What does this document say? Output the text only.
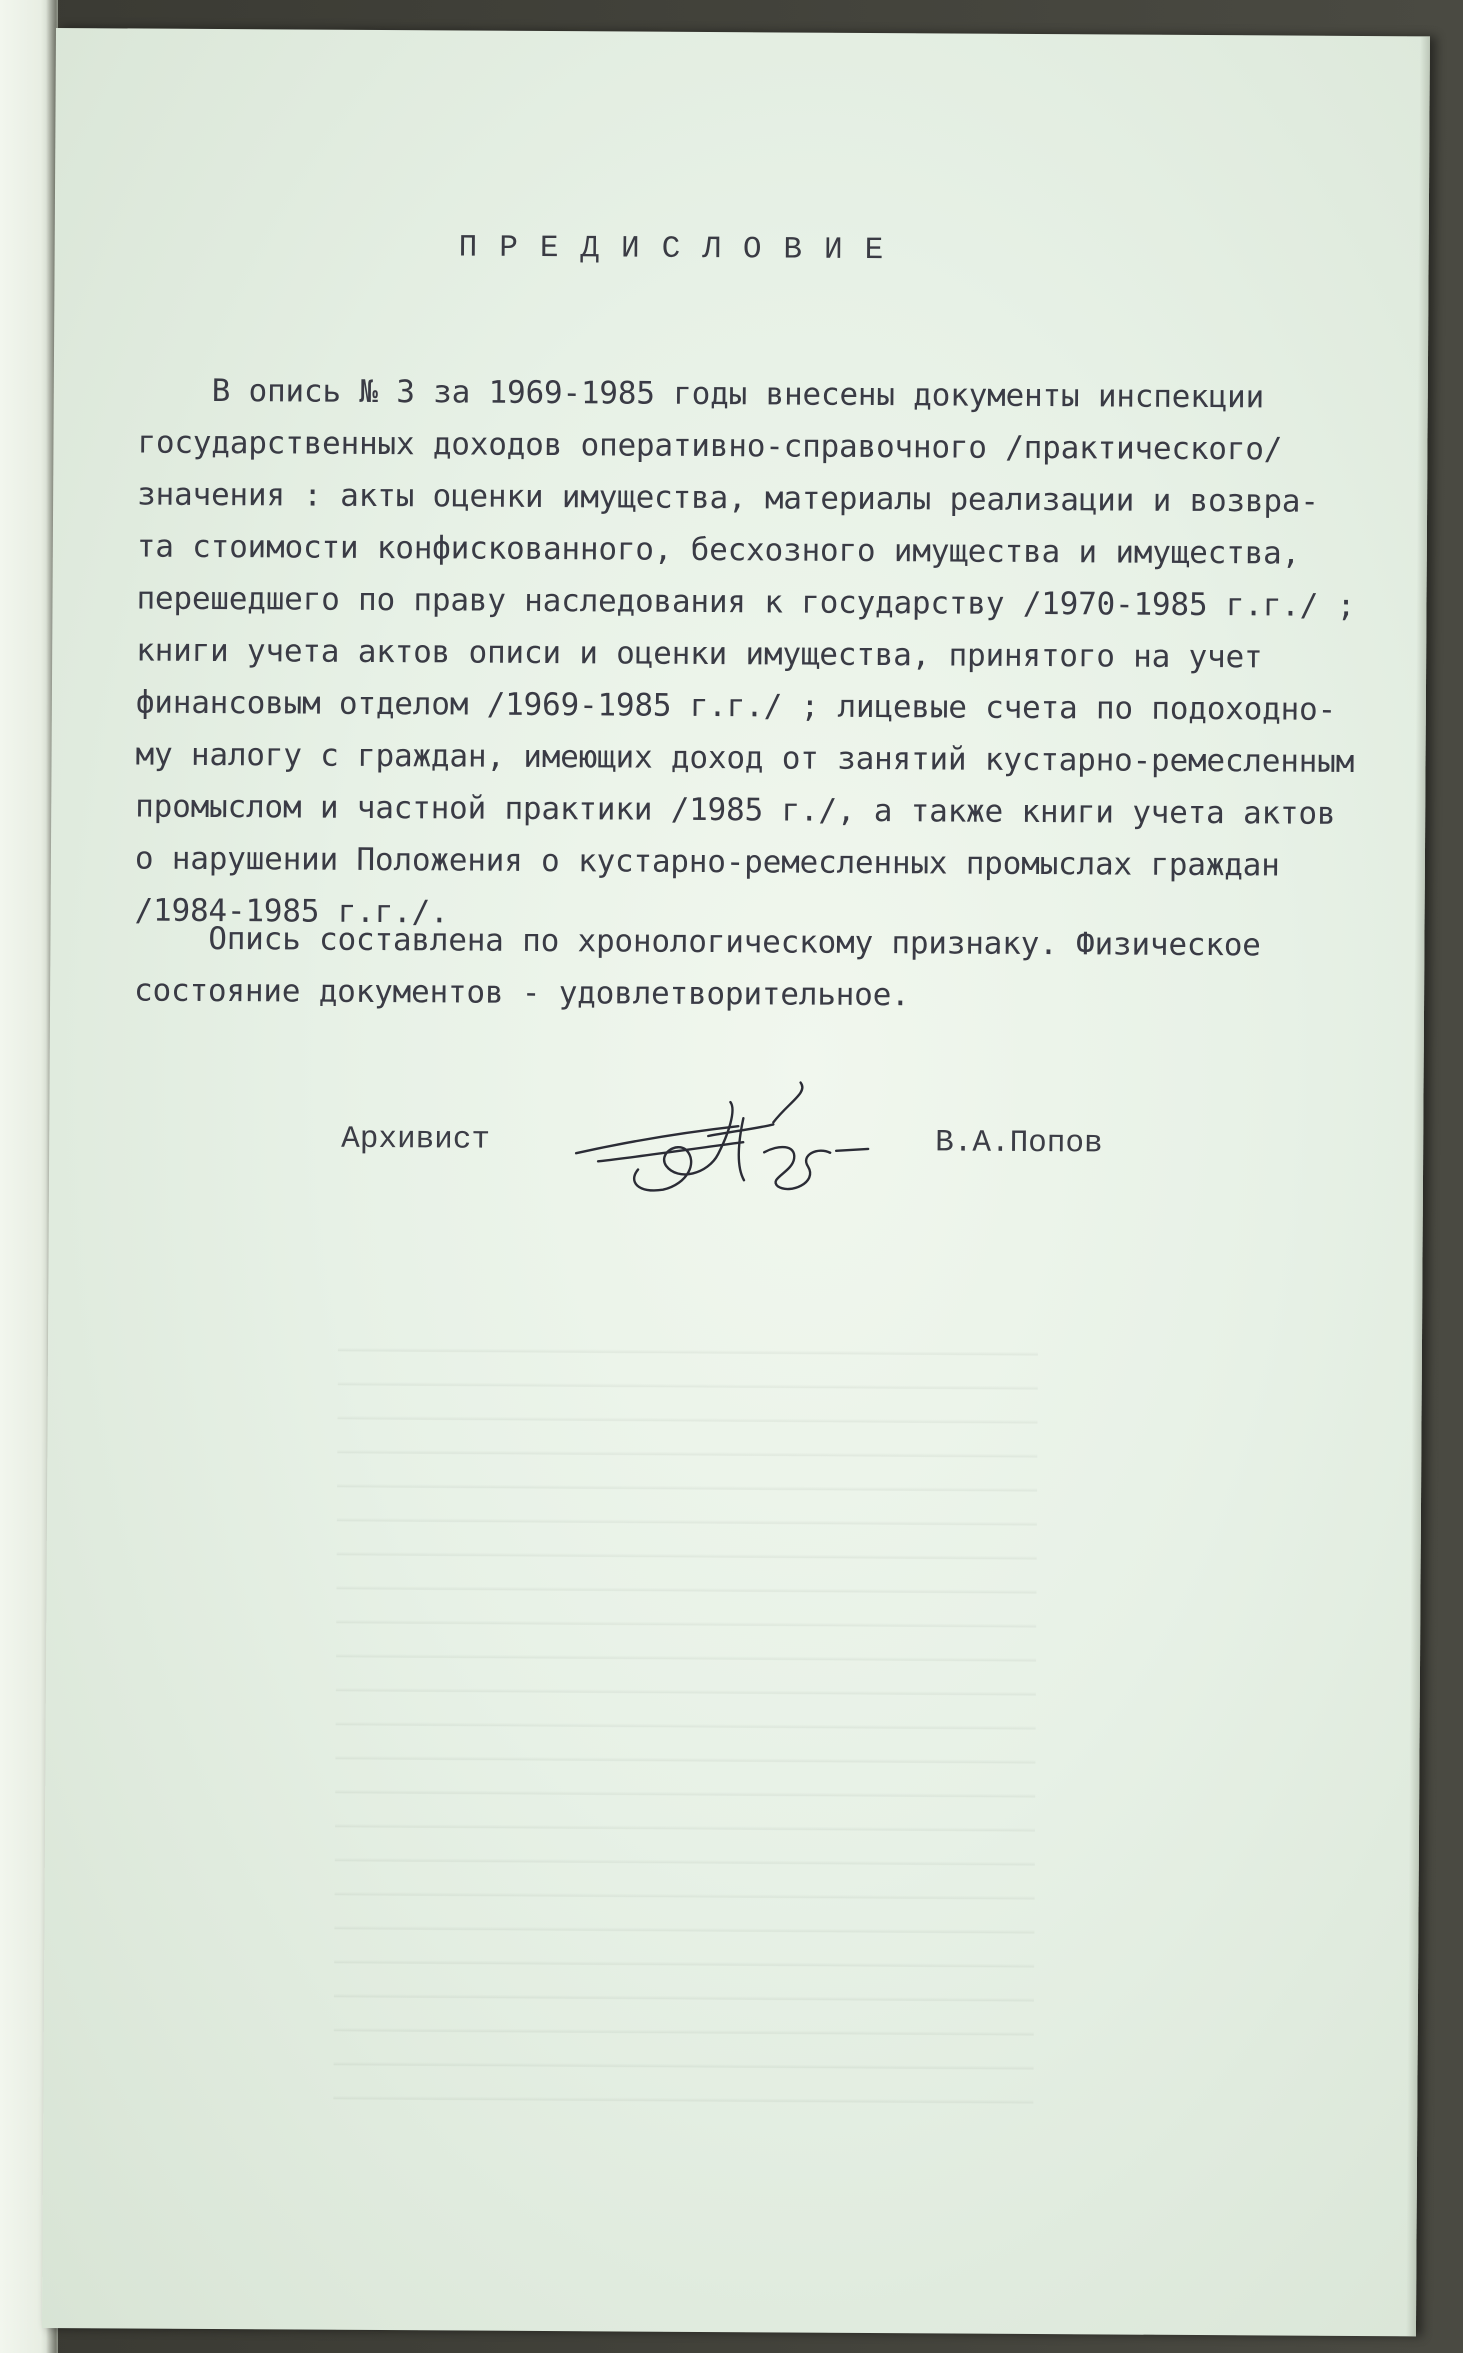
ПРЕДИСЛОВИЕ
В опись № 3 за 1969-1985 годы внесены документы инспекции
государственных доходов оперативно-справочного /практического/
значения : акты оценки имущества, материалы реализации и возвра-
та стоимости конфискованного, бесхозного имущества и имущества,
перешедшего по праву наследования к государству /1970-1985 г.г./ ;
книги учета актов описи и оценки имущества, принятого на учет
финансовым отделом /1969-1985 г.г./ ; лицевые счета по подоходно-
му налогу с граждан, имеющих доход от занятий кустарно-ремесленным
промыслом и частной практики /1985 г./, а также книги учета актов
о нарушении Положения о кустарно-ремесленных промыслах граждан
/1984-1985 г.г./.
Опись составлена по хронологическому признаку. Физическое
состояние документов - удовлетворительное.
Архивист	В.А.Попов
